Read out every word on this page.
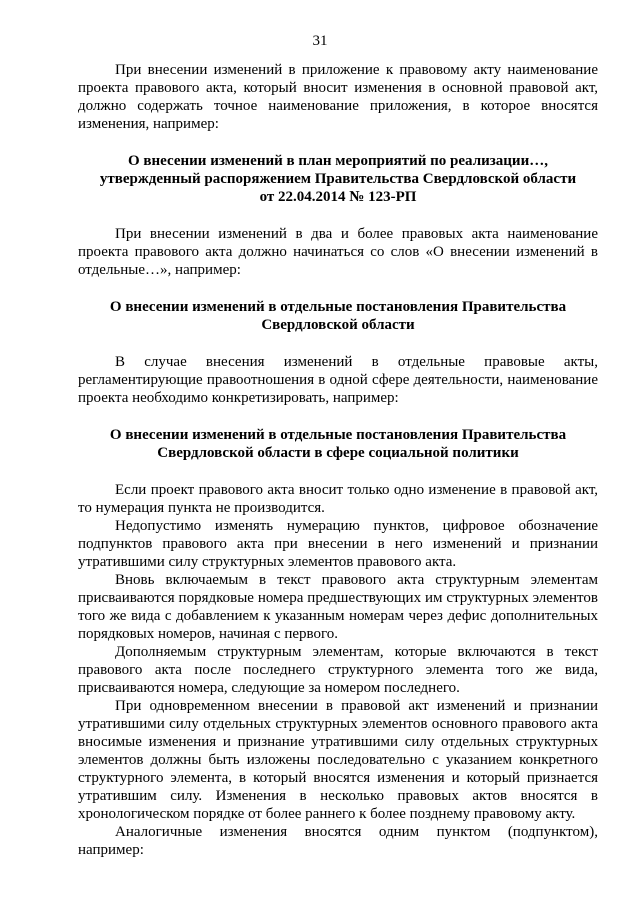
31

При внесении изменений в приложение к правовому акту наименование проекта правового акта, который вносит изменения в основной правовой акт, должно содержать точное наименование приложения, в которое вносятся изменения, например:

О внесении изменений в план мероприятий по реализации…,
утвержденный распоряжением Правительства Свердловской области
от 22.04.2014 № 123-РП

При внесении изменений в два и более правовых акта наименование проекта правового акта должно начинаться со слов «О внесении изменений в отдельные…», например:

О внесении изменений в отдельные постановления Правительства
Свердловской области

В случае внесения изменений в отдельные правовые акты, регламентирующие правоотношения в одной сфере деятельности, наименование проекта необходимо конкретизировать, например:

О внесении изменений в отдельные постановления Правительства
Свердловской области в сфере социальной политики

Если проект правового акта вносит только одно изменение в правовой акт, то нумерация пункта не производится.

Недопустимо изменять нумерацию пунктов, цифровое обозначение подпунктов правового акта при внесении в него изменений и признании утратившими силу структурных элементов правового акта.

Вновь включаемым в текст правового акта структурным элементам присваиваются порядковые номера предшествующих им структурных элементов того же вида с добавлением к указанным номерам через дефис дополнительных порядковых номеров, начиная с первого.

Дополняемым структурным элементам, которые включаются в текст правового акта после последнего структурного элемента того же вида, присваиваются номера, следующие за номером последнего.

При одновременном внесении в правовой акт изменений и признании утратившими силу отдельных структурных элементов основного правового акта вносимые изменения и признание утратившими силу отдельных структурных элементов должны быть изложены последовательно с указанием конкретного структурного элемента, в который вносятся изменения и который признается утратившим силу. Изменения в несколько правовых актов вносятся в хронологическом порядке от более раннего к более позднему правовому акту.

Аналогичные изменения вносятся одним пунктом (подпунктом), например:
